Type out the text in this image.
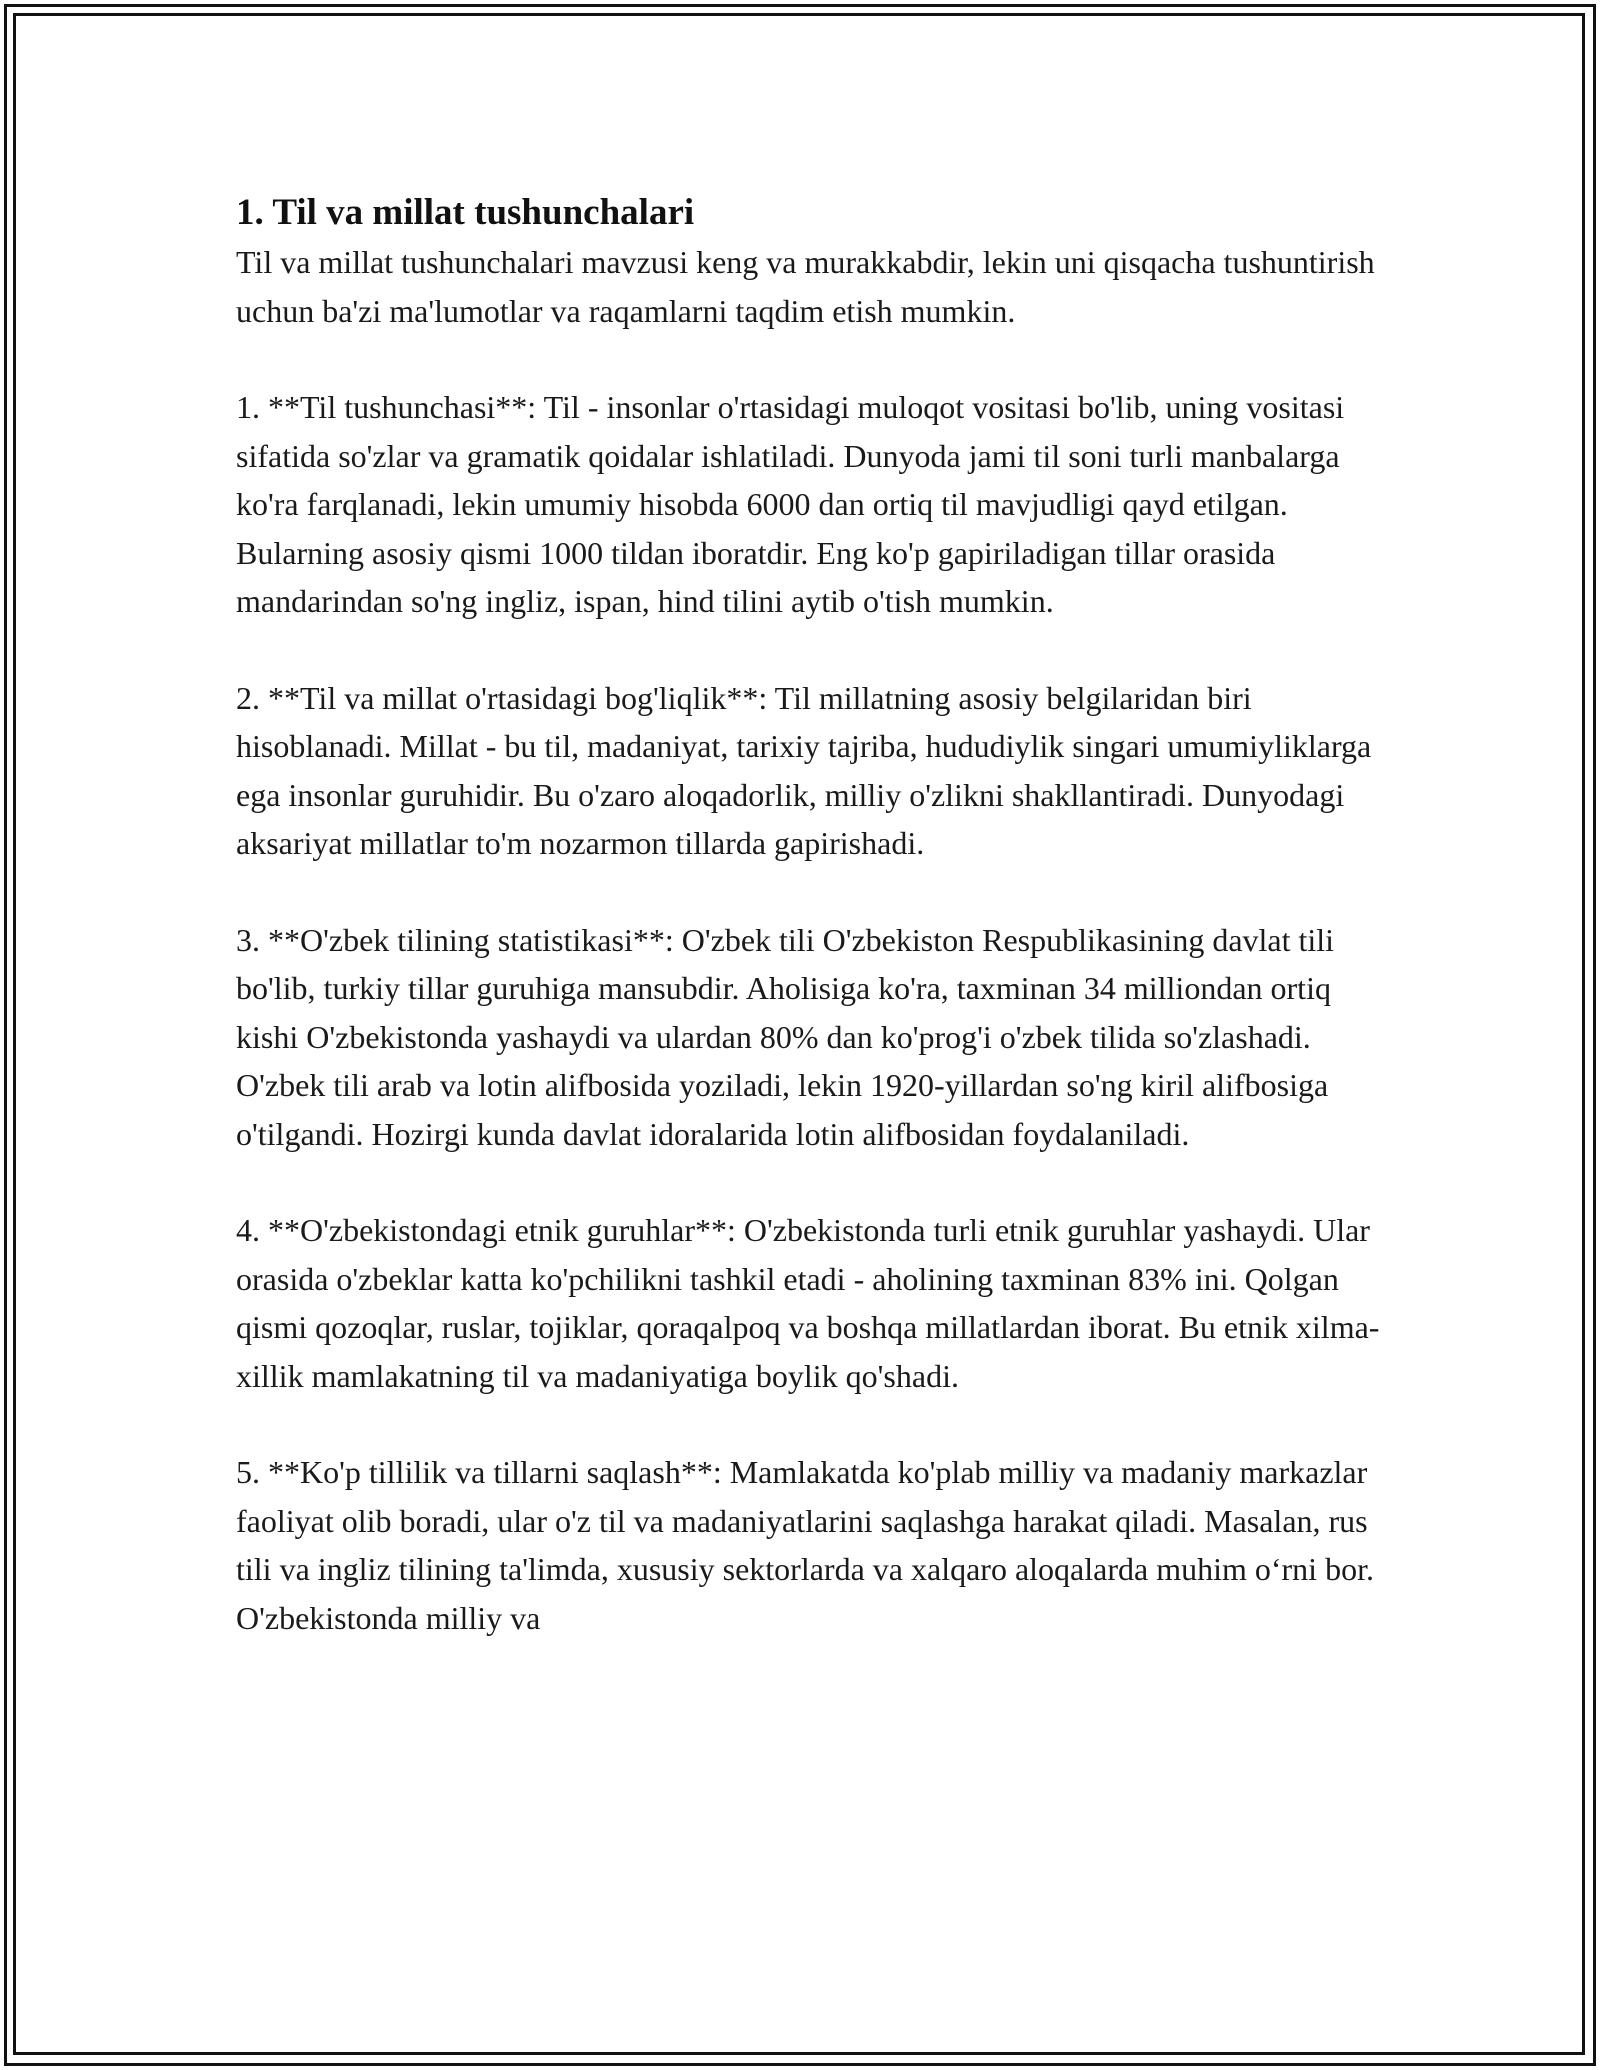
1. Til va millat tushunchalari

Til va millat tushunchalari mavzusi keng va murakkabdir, lekin uni qisqacha tushuntirish uchun ba'zi ma'lumotlar va raqamlarni taqdim etish mumkin.

1. **Til tushunchasi**: Til - insonlar o'rtasidagi muloqot vositasi bo'lib, uning vositasi sifatida so'zlar va gramatik qoidalar ishlatiladi. Dunyoda jami til soni turli manbalarga ko'ra farqlanadi, lekin umumiy hisobda 6000 dan ortiq til mavjudligi qayd etilgan. Bularning asosiy qismi 1000 tildan iboratdir. Eng ko'p gapiriladigan tillar orasida mandarindan so'ng ingliz, ispan, hind tilini aytib o'tish mumkin.

2. **Til va millat o'rtasidagi bog'liqlik**: Til millatning asosiy belgilaridan biri hisoblanadi. Millat - bu til, madaniyat, tarixiy tajriba, hududiylik singari umumiyliklarga ega insonlar guruhidir. Bu o'zaro aloqadorlik, milliy o'zlikni shakllantiradi. Dunyodagi aksariyat millatlar to'm nozarmon tillarda gapirishadi.

3. **O'zbek tilining statistikasi**: O'zbek tili O'zbekiston Respublikasining davlat tili bo'lib, turkiy tillar guruhiga mansubdir. Aholisiga ko'ra, taxminan 34 milliondan ortiq kishi O'zbekistonda yashaydi va ulardan 80% dan ko'prog'i o'zbek tilida so'zlashadi. O'zbek tili arab va lotin alifbosida yoziladi, lekin 1920-yillardan so'ng kiril alifbosiga o'tilgandi. Hozirgi kunda davlat idoralarida lotin alifbosidan foydalaniladi.

4. **O'zbekistondagi etnik guruhlar**: O'zbekistonda turli etnik guruhlar yashaydi. Ular orasida o'zbeklar katta ko'pchilikni tashkil etadi - aholining taxminan 83% ini. Qolgan qismi qozoqlar, ruslar, tojiklar, qoraqalpoq va boshqa millatlardan iborat. Bu etnik xilma-xillik mamlakatning til va madaniyatiga boylik qo'shadi.

5. **Ko'p tillilik va tillarni saqlash**: Mamlakatda ko'plab milliy va madaniy markazlar faoliyat olib boradi, ular o'z til va madaniyatlarini saqlashga harakat qiladi. Masalan, rus tili va ingliz tilining ta'limda, xususiy sektorlarda va xalqaro aloqalarda muhim o‘rni bor. O'zbekistonda milliy va
